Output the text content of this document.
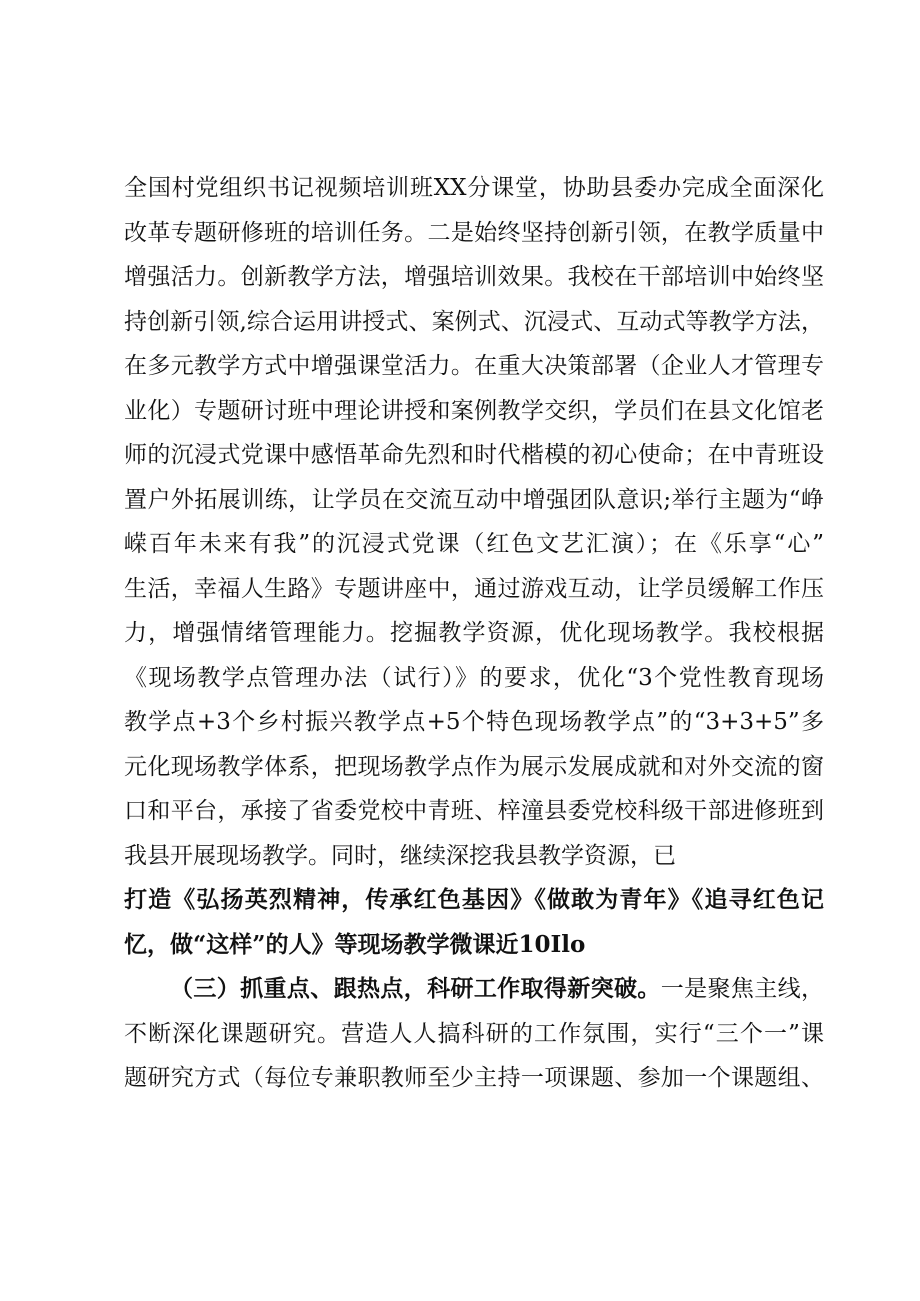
全国村党组织书记视频培训班XX分课堂，协助县委办完成全面深化
改革专题研修班的培训任务。二是始终坚持创新引领，在教学质量中
增强活力。创新教学方法，增强培训效果。我校在干部培训中始终坚
持创新引领,综合运用讲授式、案例式、沉浸式、互动式等教学方法，
在多元教学方式中增强课堂活力。在重大决策部署（企业人才管理专
业化）专题研讨班中理论讲授和案例教学交织，学员们在县文化馆老
师的沉浸式党课中感悟革命先烈和时代楷模的初心使命；在中青班设
置户外拓展训练，让学员在交流互动中增强团队意识;举行主题为“峥
嵘百年未来有我”的沉浸式党课（红色文艺汇演）；在《乐享“心”
生活，幸福人生路》专题讲座中，通过游戏互动，让学员缓解工作压
力，增强情绪管理能力。挖掘教学资源，优化现场教学。我校根据
《现场教学点管理办法（试行）》的要求，优化“3个党性教育现场
教学点+3个乡村振兴教学点+5个特色现场教学点”的“3+3+5”多
元化现场教学体系，把现场教学点作为展示发展成就和对外交流的窗
口和平台，承接了省委党校中青班、梓潼县委党校科级干部进修班到
我县开展现场教学。同时，继续深挖我县教学资源，已
打造《弘扬英烈精神，传承红色基因》《做敢为青年》《追寻红色记
忆，做“这样”的人》等现场教学微课近10Ilo
（三）抓重点、跟热点，科研工作取得新突破。一是聚焦主线，
不断深化课题研究。营造人人搞科研的工作氛围，实行“三个一”课
题研究方式（每位专兼职教师至少主持一项课题、参加一个课题组、
